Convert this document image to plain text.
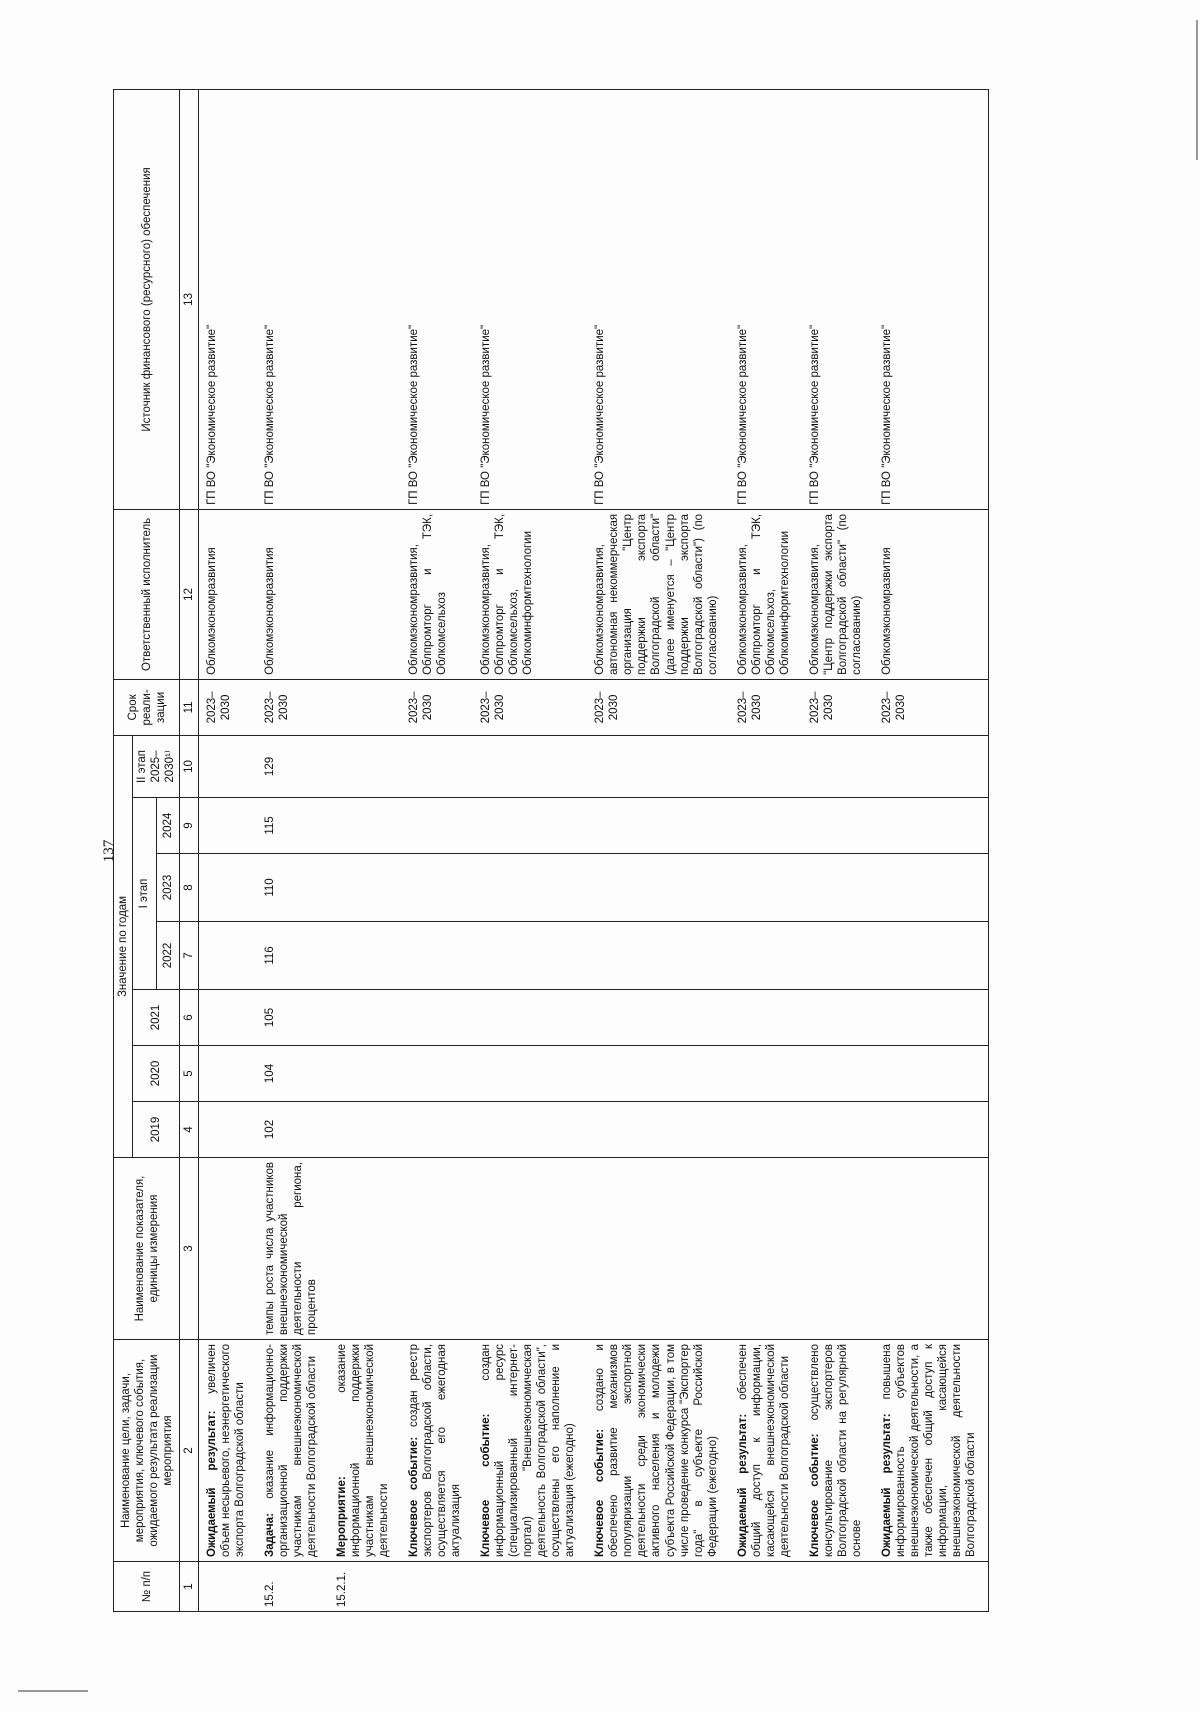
137
№ п/п	Наименование цели, задачи, мероприятия, ключевого события, ожидаемого результата реализации мероприятия	Наименование показателя, единицы измерения	Значение по годам							Срок реали-зации	Ответственный исполнитель	Источник финансового (ресурсного) обеспечения
			2019	2020	2021	I этап			II этап 2025–2030¹⁾			
						2022	2023	2024				
1	2	3	4	5	6	7	8	9	10	11	12	13
	Ожидаемый результат: увеличен объем несырьевого, неэнергетического экспорта Волгоградской области									2023–2030	Облкомэкономразвития	ГП ВО "Экономическое развитие"
15.2.	Задача: оказание информационно-организационной поддержки участникам внешнеэкономической деятельности Волгоградской области	темпы роста числа участников внешнеэкономической деятельности региона, процентов	102	104	105	116	110	115	129	2023–2030	Облкомэкономразвития	ГП ВО "Экономическое развитие"
15.2.1.	Мероприятие: оказание информационной поддержки участникам внешнеэкономической деятельности											
	Ключевое событие: создан реестр экспортеров Волгоградской области, осуществляется его ежегодная актуализация									2023–2030	Облкомэкономразвития, Облпромторг и ТЭК, Облкомсельхоз	ГП ВО "Экономическое развитие"
	Ключевое событие: создан информационный ресурс (специализированный интернет-портал) "Внешнеэкономическая деятельность Волгоградской области", осуществлены его наполнение и актуализация (ежегодно)									2023–2030	Облкомэкономразвития, Облпромторг и ТЭК, Облкомсельхоз, Облкоминформтехнологии	ГП ВО "Экономическое развитие"
	Ключевое событие: создано и обеспечено развитие механизмов популяризации экспортной деятельности среди экономически активного населения и молодежи субъекта Российской Федерации, в том числе проведение конкурса "Экспортер года" в субъекте Российской Федерации (ежегодно)									2023–2030	Облкомэкономразвития, автономная некоммерческая организация "Центр поддержки экспорта Волгоградской области" (далее именуется – "Центр поддержки экспорта Волгоградской области") (по согласованию)	ГП ВО "Экономическое развитие"
	Ожидаемый результат: обеспечен общий доступ к информации, касающейся внешнеэкономической деятельности Волгоградской области									2023–2030	Облкомэкономразвития, Облпромторг и ТЭК, Облкомсельхоз, Облкоминформтехнологии	ГП ВО "Экономическое развитие"
	Ключевое событие: осуществлено консультирование экспортеров Волгоградской области на регулярной основе									2023–2030	Облкомэкономразвития, "Центр поддержки экспорта Волгоградской области" (по согласованию)	ГП ВО "Экономическое развитие"
	Ожидаемый результат: повышена информированность субъектов внешнеэкономической деятельности, а также обеспечен общий доступ к информации, касающейся внешнеэкономической деятельности Волгоградской области									2023–2030	Облкомэкономразвития	ГП ВО "Экономическое развитие"
